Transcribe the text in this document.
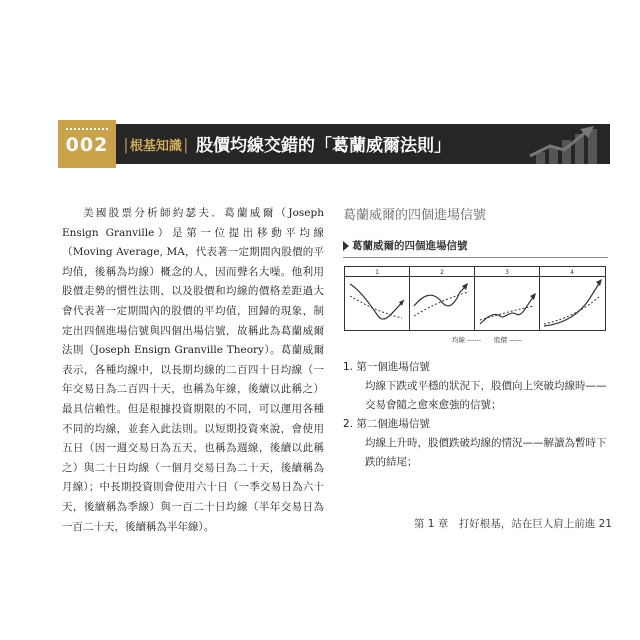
002	│根基知識│ 股價均線交錯的「葛蘭威爾法則」

美國股票分析師約瑟夫．葛蘭威爾（Joseph Ensign Granville）是第一位提出移動平均線（Moving Average, MA，代表著一定期間內股價的平均值，後稱為均線）概念的人，因而聲名大噪。他利用股價走勢的慣性法則，以及股價和均線的價格差距過大會代表著一定期間內的股價的平均值，回歸的現象，制定出四個進場信號與四個出場信號，故稱此為葛蘭威爾法則（Joseph Ensign Granville Theory）。葛蘭威爾表示，各種均線中，以長期均線的二百四十日均線（一年交易日為二百四十天，也稱為年線，後續以此稱之）最具信賴性。但是根據投資期限的不同，可以運用各種不同的均線，並套入此法則。以短期投資來說，會使用五日（因一週交易日為五天，也稱為週線，後續以此稱之）與二十日均線（一個月交易日為二十天，後續稱為月線）；中長期投資則會使用六十日（一季交易日為六十天，後續稱為季線）與一百二十日均線（半年交易日為一百二十天，後續稱為半年線）。

葛蘭威爾的四個進場信號
葛蘭威爾的四個進場信號
1	2	3	4
均線 ------ 股價 ——

1. 第一個進場信號

均線下跌或平穩的狀況下，股價向上突破均線時——交易會隨之愈來愈強的信號；

2. 第二個進場信號

均線上升時，股價跌破均線的情況——解讀為暫時下跌的結尾；

第 1 章　打好根基，站在巨人肩上前進 21
